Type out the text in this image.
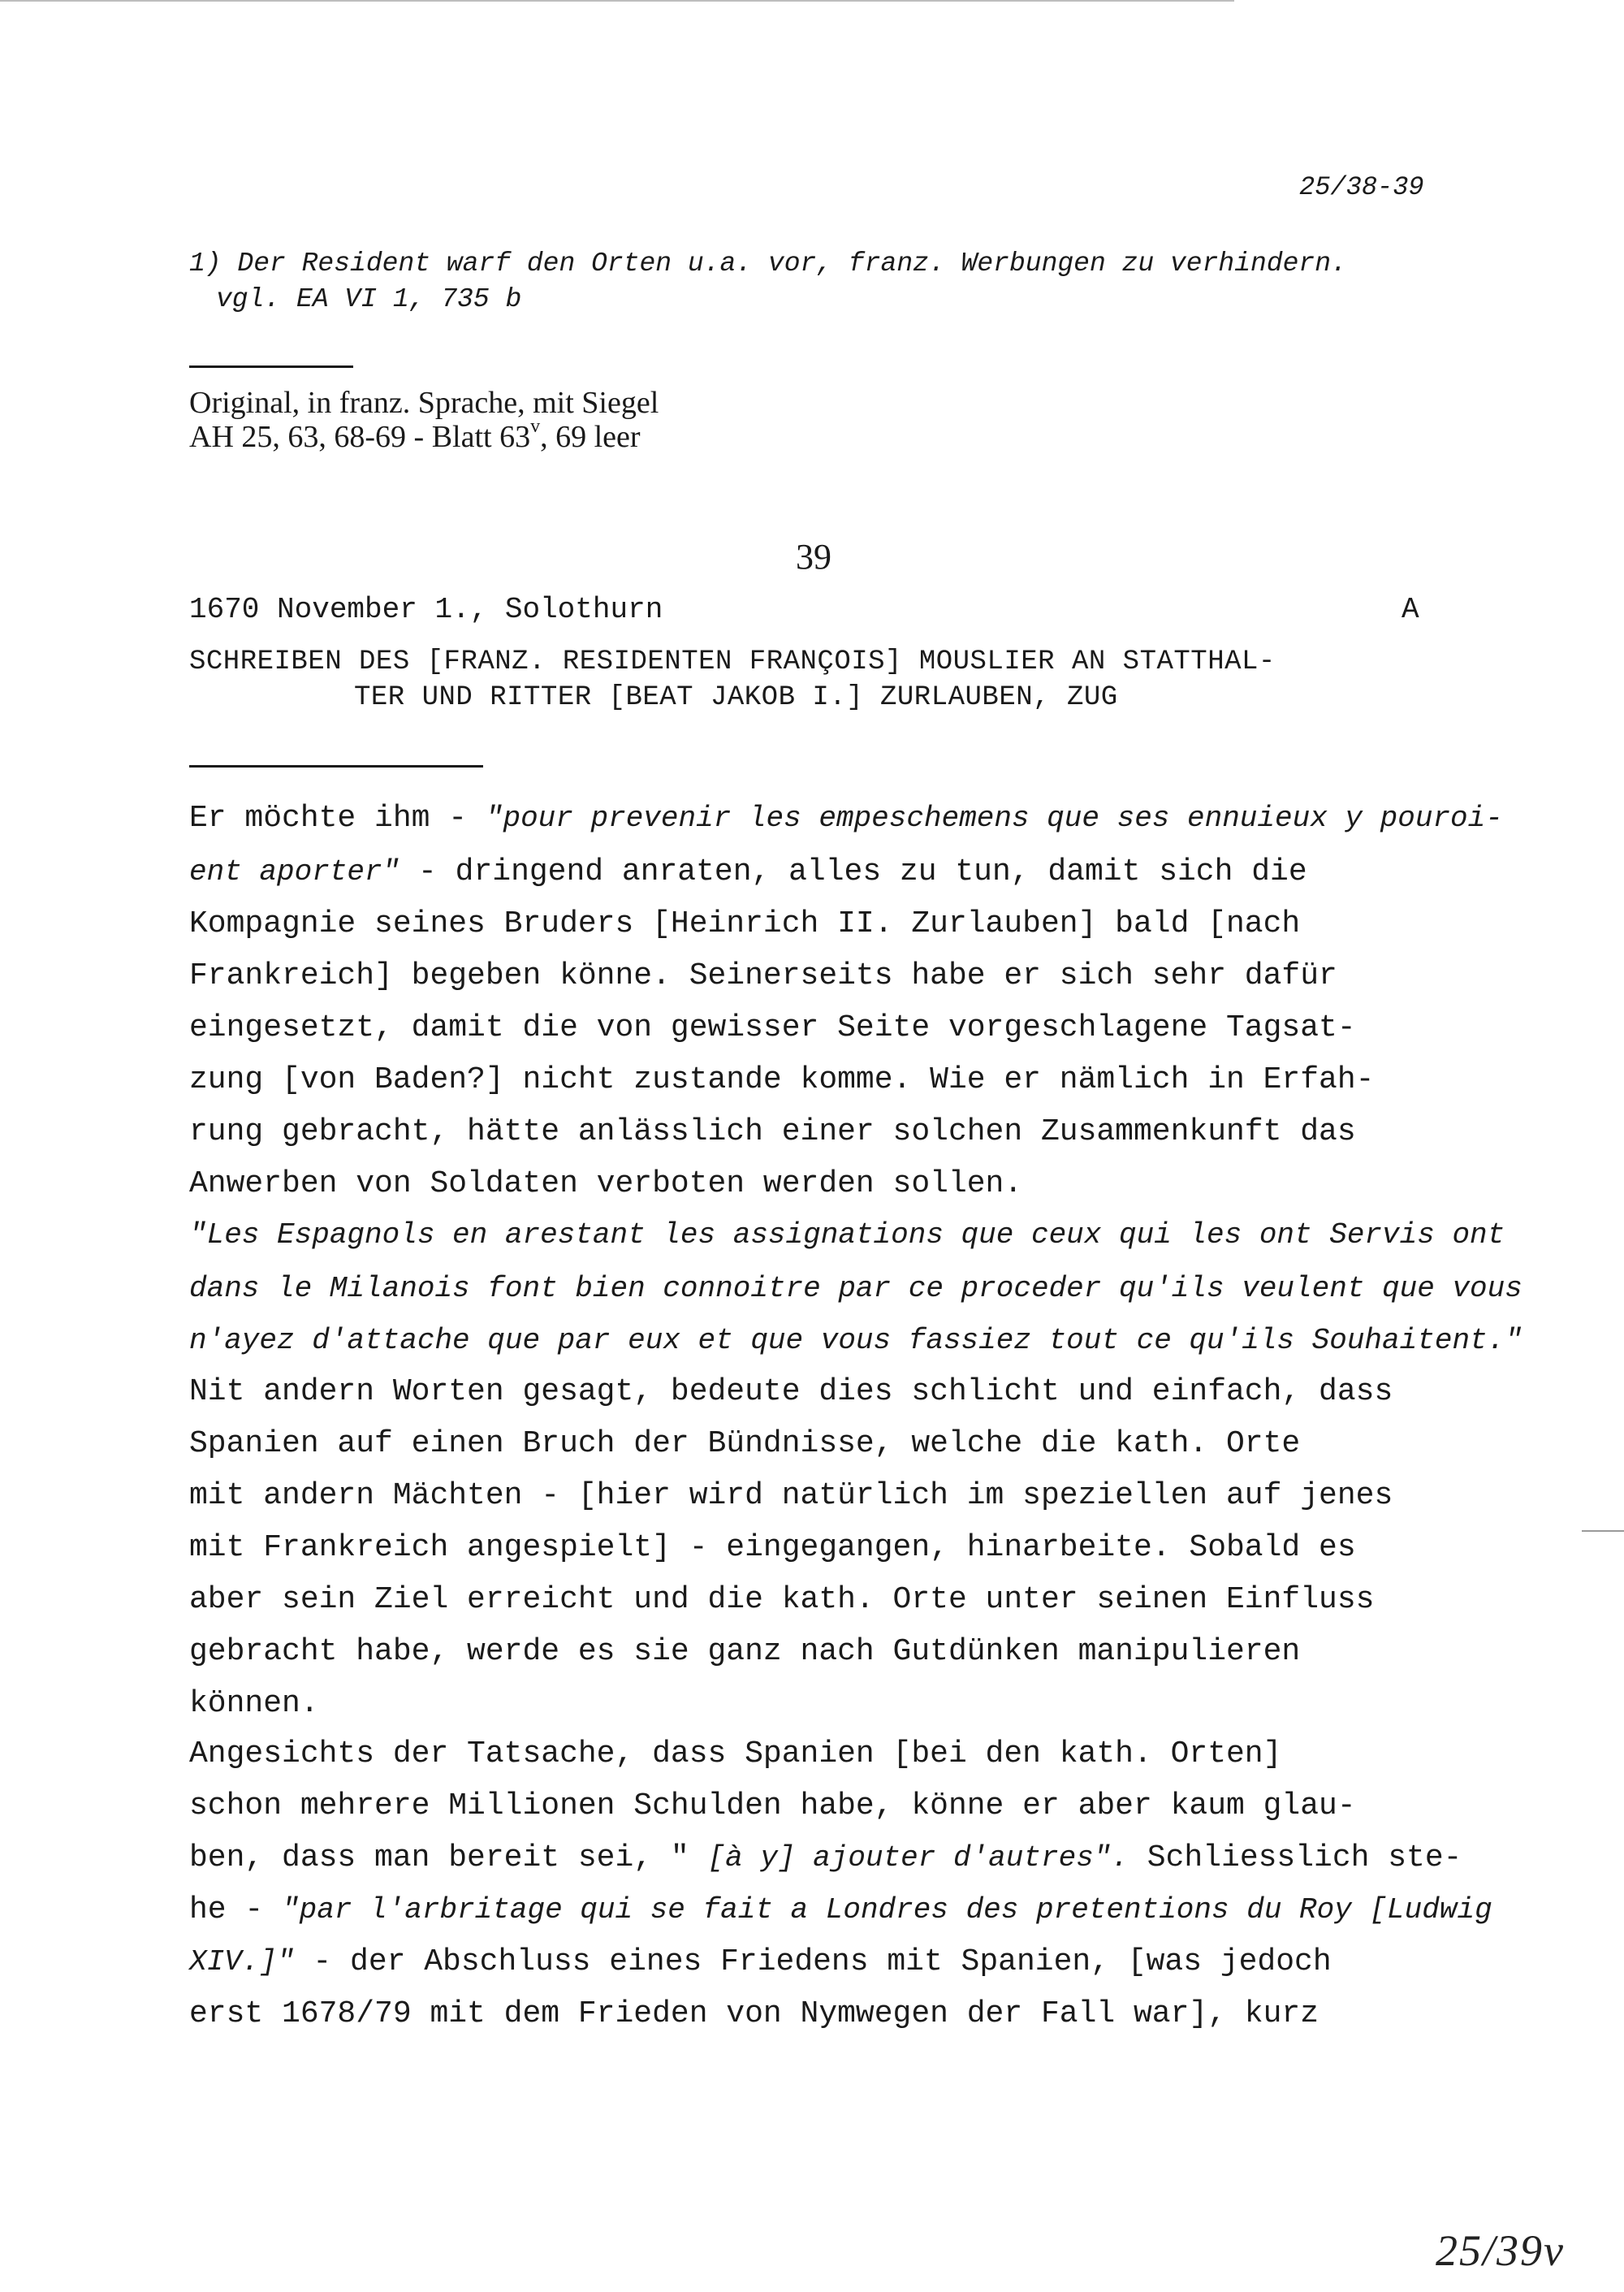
25/38-39
1) Der Resident warf den Orten u.a. vor, franz. Werbungen zu verhindern.
vgl. EA VI 1, 735 b
Original, in franz. Sprache, mit Siegel
AH 25, 63, 68-69 - Blatt 63$^v$, 69 leer
39
1670 November 1., Solothurn	A
SCHREIBEN DES [FRANZ. RESIDENTEN FRANÇOIS] MOUSLIER AN STATTHAL-
TER UND RITTER [BEAT JAKOB I.] ZURLAUBEN, ZUG
Er möchte ihm - "pour prevenir les empeschemens que ses ennuieux y pouroi-
ent aporter" - dringend anraten, alles zu tun, damit sich die
Kompagnie seines Bruders [Heinrich II. Zurlauben] bald [nach
Frankreich] begeben könne. Seinerseits habe er sich sehr dafür
eingesetzt, damit die von gewisser Seite vorgeschlagene Tagsat-
zung [von Baden?] nicht zustande komme. Wie er nämlich in Erfah-
rung gebracht, hätte anlässlich einer solchen Zusammenkunft das
Anwerben von Soldaten verboten werden sollen.
"Les Espagnols en arestant les assignations que ceux qui les ont Servis ont
dans le Milanois font bien connoitre par ce proceder qu'ils veulent que vous
n'ayez d'attache que par eux et que vous fassiez tout ce qu'ils Souhaitent."
Nit andern Worten gesagt, bedeute dies schlicht und einfach, dass
Spanien auf einen Bruch der Bündnisse, welche die kath. Orte
mit andern Mächten - [hier wird natürlich im speziellen auf jenes
mit Frankreich angespielt] - eingegangen, hinarbeite. Sobald es
aber sein Ziel erreicht und die kath. Orte unter seinen Einfluss
gebracht habe, werde es sie ganz nach Gutdünken manipulieren
können.
Angesichts der Tatsache, dass Spanien [bei den kath. Orten]
schon mehrere Millionen Schulden habe, könne er aber kaum glau-
ben, dass man bereit sei, " [à y] ajouter d'autres". Schliesslich ste-
he - "par l'arbritage qui se fait a Londres des pretentions du Roy [Ludwig
XIV.]" - der Abschluss eines Friedens mit Spanien, [was jedoch
erst 1678/79 mit dem Frieden von Nymwegen der Fall war], kurz
25/39v
